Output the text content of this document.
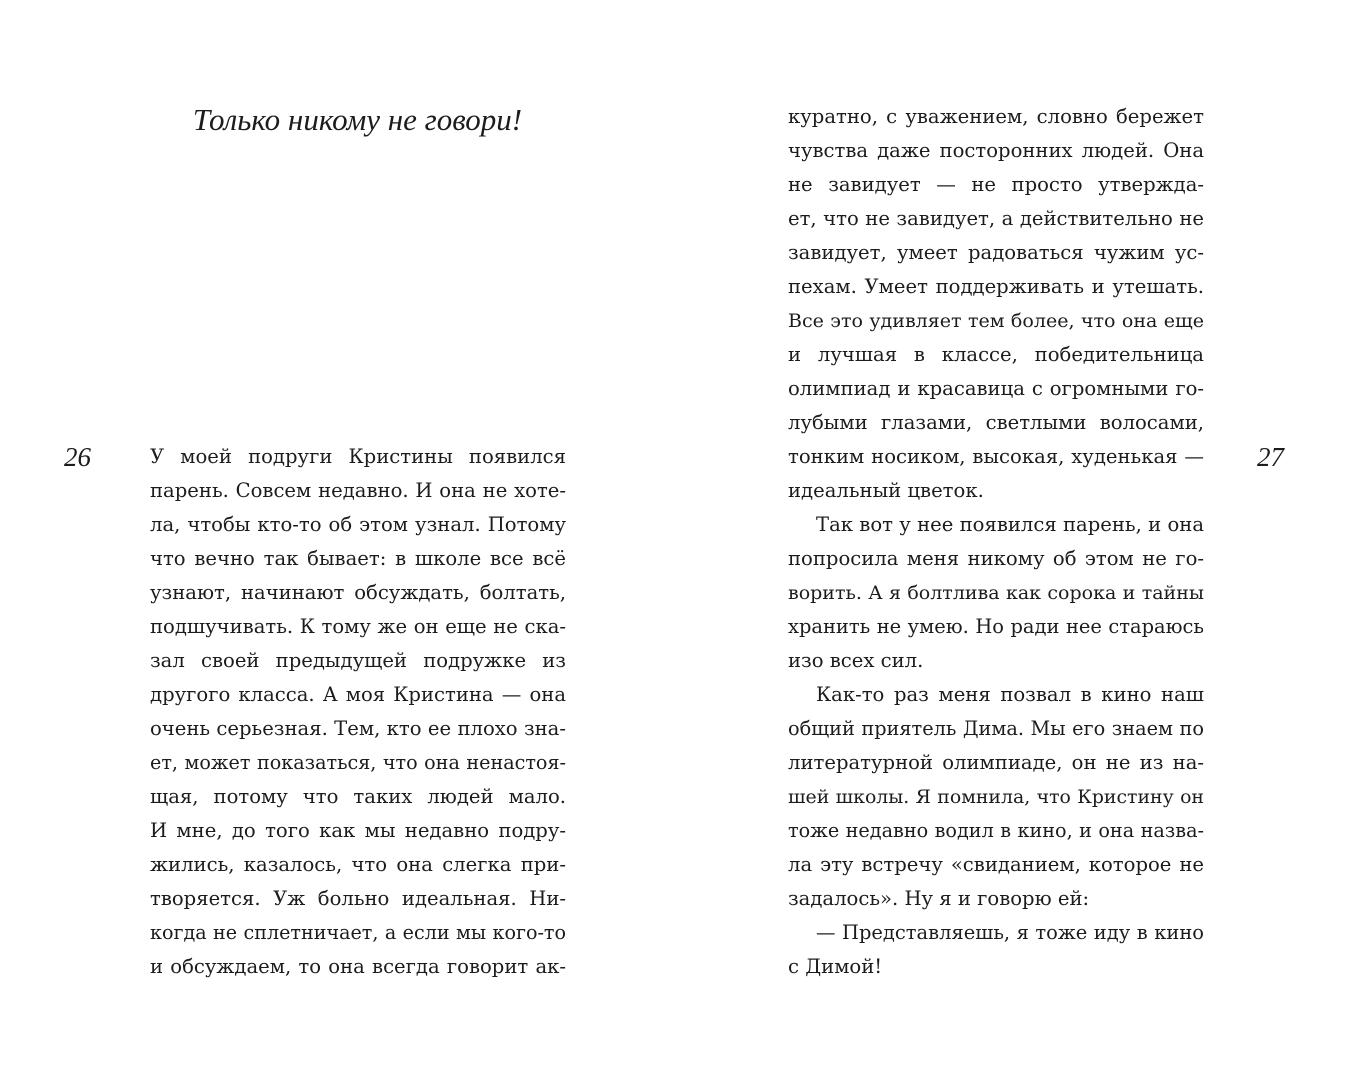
Только никому не говори!
26	27
У моей подруги Кристины появился
парень. Совсем недавно. И она не хоте-
ла, чтобы кто-то об этом узнал. Потому
что вечно так бывает: в школе все всё
узнают, начинают обсуждать, болтать,
подшучивать. К тому же он еще не ска-
зал своей предыдущей подружке из
другого класса. А моя Кристина — она
очень серьезная. Тем, кто ее плохо зна-
ет, может показаться, что она ненастоя-
щая, потому что таких людей мало.
И мне, до того как мы недавно подру-
жились, казалось, что она слегка при-
творяется. Уж больно идеальная. Ни-
когда не сплетничает, а если мы кого-то
и обсуждаем, то она всегда говорит ак-
куратно, с уважением, словно бережет
чувства даже посторонних людей. Она
не завидует — не просто утвержда-
ет, что не завидует, а действительно не
завидует, умеет радоваться чужим ус-
пехам. Умеет поддерживать и утешать.
Все это удивляет тем более, что она еще
и лучшая в классе, победительница
олимпиад и красавица с огромными го-
лубыми глазами, светлыми волосами,
тонким носиком, высокая, худенькая —
идеальный цветок.
Так вот у нее появился парень, и она
попросила меня никому об этом не го-
ворить. А я болтлива как сорока и тайны
хранить не умею. Но ради нее стараюсь
изо всех сил.
Как-то раз меня позвал в кино наш
общий приятель Дима. Мы его знаем по
литературной олимпиаде, он не из на-
шей школы. Я помнила, что Кристину он
тоже недавно водил в кино, и она назва-
ла эту встречу «свиданием, которое не
задалось». Ну я и говорю ей:
— Представляешь, я тоже иду в кино
с Димой!
